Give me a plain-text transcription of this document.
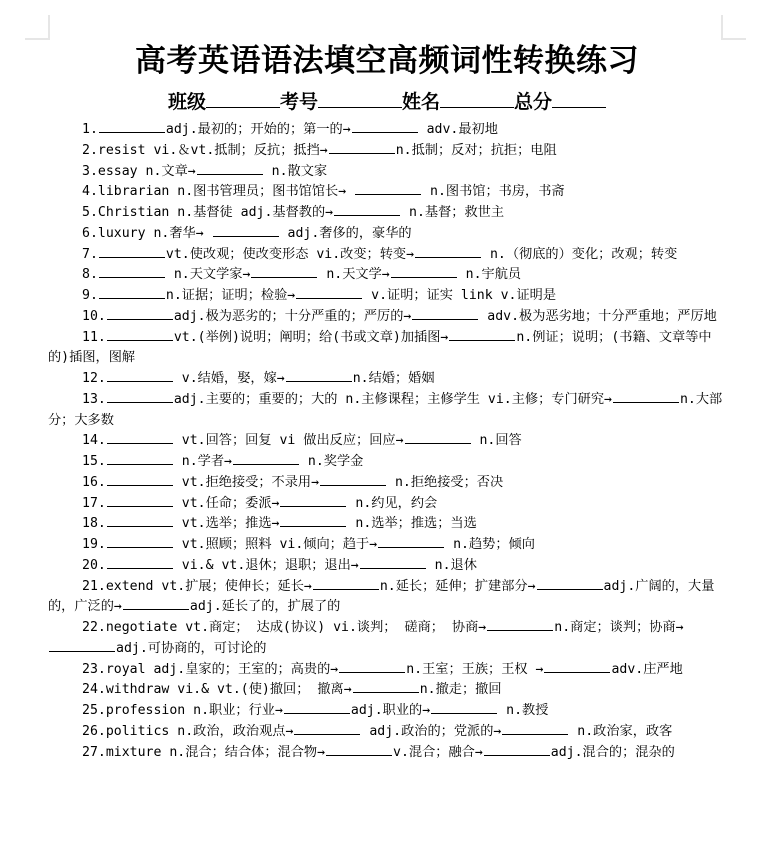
高考英语语法填空高频词性转换练习
班级	考号	姓名	总分

1.	adj.最初的；开始的；第一的→	adv.最初地

2.resist vi.＆vt.抵制；反抗；抵挡→	n.抵制；反对；抗拒；电阻

3.essay n.文章→	n.散文家

4.librarian n.图书管理员；图书馆馆长→	n.图书馆；书房，书斋

5.Christian n.基督徒 adj.基督教的→	n.基督；救世主

6.luxury n.奢华→	adj.奢侈的，豪华的

7.	vt.使改观；使改变形态 vi.改变；转变→	n.（彻底的）变化；改观；转变

8.	n.天文学家→	n.天文学→	n.宇航员

9.	n.证据；证明；检验→	v.证明；证实 link v.证明是

10.	adj.极为恶劣的；十分严重的；严厉的→	adv.极为恶劣地；十分严重地；严厉地

11.	vt.(举例)说明；阐明；给(书或文章)加插图→	n.例证；说明；(书籍、文章等中的)插图，图解

12.	v.结婚，娶，嫁→	n.结婚；婚姻

13.	adj.主要的；重要的；大的 n.主修课程；主修学生 vi.主修；专门研究→	n.大部分；大多数

14.	vt.回答；回复 vi 做出反应；回应→	n.回答

15.	n.学者→	n.奖学金

16.	vt.拒绝接受；不录用→	n.拒绝接受；否决

17.	vt.任命；委派→	n.约见，约会

18.	vt.选举；推选→	n.选举；推选；当选

19.	vt.照顾；照料 vi.倾向；趋于→	n.趋势；倾向

20.	vi.& vt.退休；退职；退出→	n.退休

21.extend vt.扩展；使伸长；延长→	n.延长；延伸；扩建部分→	adj.广阔的，大量的，广泛的→	adj.延长了的，扩展了的

22.negotiate vt.商定； 达成(协议) vi.谈判； 磋商； 协商→	n.商定；谈判；协商→adj.可协商的，可讨论的

23.royal adj.皇家的；王室的；高贵的→	n.王室；王族；王权 →	adv.庄严地

24.withdraw vi.& vt.(使)撤回； 撤离→	n.撤走；撤回

25.profession n.职业；行业→	adj.职业的→	n.教授

26.politics n.政治，政治观点→	adj.政治的；党派的→	n.政治家，政客

27.mixture n.混合；结合体；混合物→	v.混合；融合→	adj.混合的；混杂的
